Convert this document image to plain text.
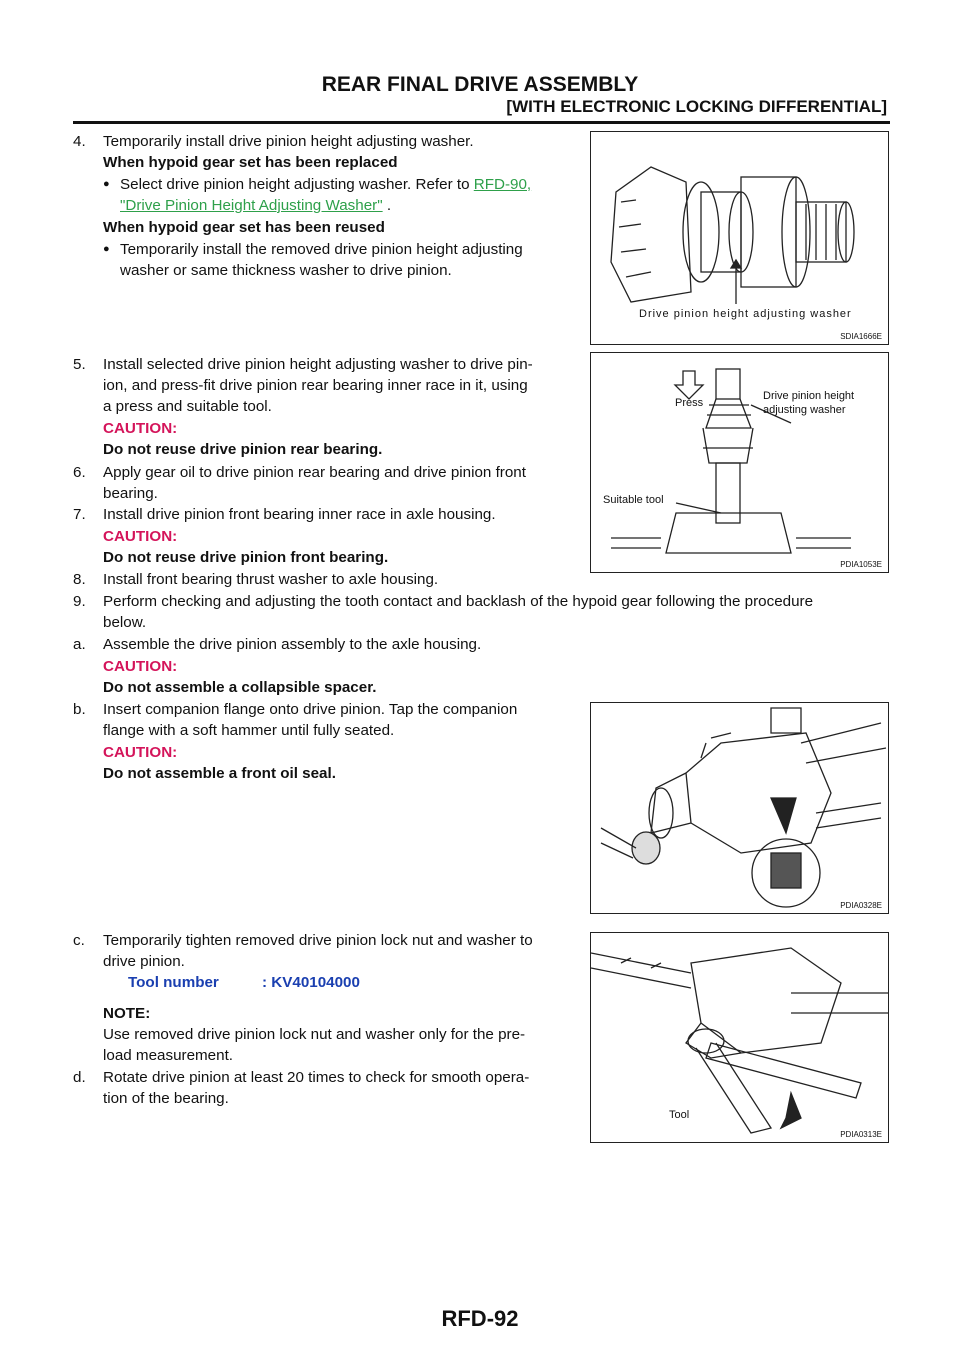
REAR FINAL DRIVE ASSEMBLY
[WITH ELECTRONIC LOCKING DIFFERENTIAL]
4. Temporarily install drive pinion height adjusting washer.
When hypoid gear set has been replaced
● Select drive pinion height adjusting washer. Refer to RFD-90,
"Drive Pinion Height Adjusting Washer" .
When hypoid gear set has been reused
● Temporarily install the removed drive pinion height adjusting
washer or same thickness washer to drive pinion.
Drive pinion height adjusting washer
SDIA1666E
5. Install selected drive pinion height adjusting washer to drive pin-
ion, and press-fit drive pinion rear bearing inner race in it, using
a press and suitable tool.
CAUTION:
Do not reuse drive pinion rear bearing.
6. Apply gear oil to drive pinion rear bearing and drive pinion front
bearing.
7. Install drive pinion front bearing inner race in axle housing.
CAUTION:
Do not reuse drive pinion front bearing.
Press
Drive pinion height
adjusting washer
Suitable tool
PDIA1053E
8. Install front bearing thrust washer to axle housing.
9. Perform checking and adjusting the tooth contact and backlash of the hypoid gear following the procedure
below.
a. Assemble the drive pinion assembly to the axle housing.
CAUTION:
Do not assemble a collapsible spacer.
b. Insert companion flange onto drive pinion. Tap the companion
flange with a soft hammer until fully seated.
CAUTION:
Do not assemble a front oil seal.
PDIA0328E
c. Temporarily tighten removed drive pinion lock nut and washer to
drive pinion.
Tool number	: KV40104000
NOTE:
Use removed drive pinion lock nut and washer only for the pre-
load measurement.
d. Rotate drive pinion at least 20 times to check for smooth opera-
tion of the bearing.
Tool
PDIA0313E
RFD-92
